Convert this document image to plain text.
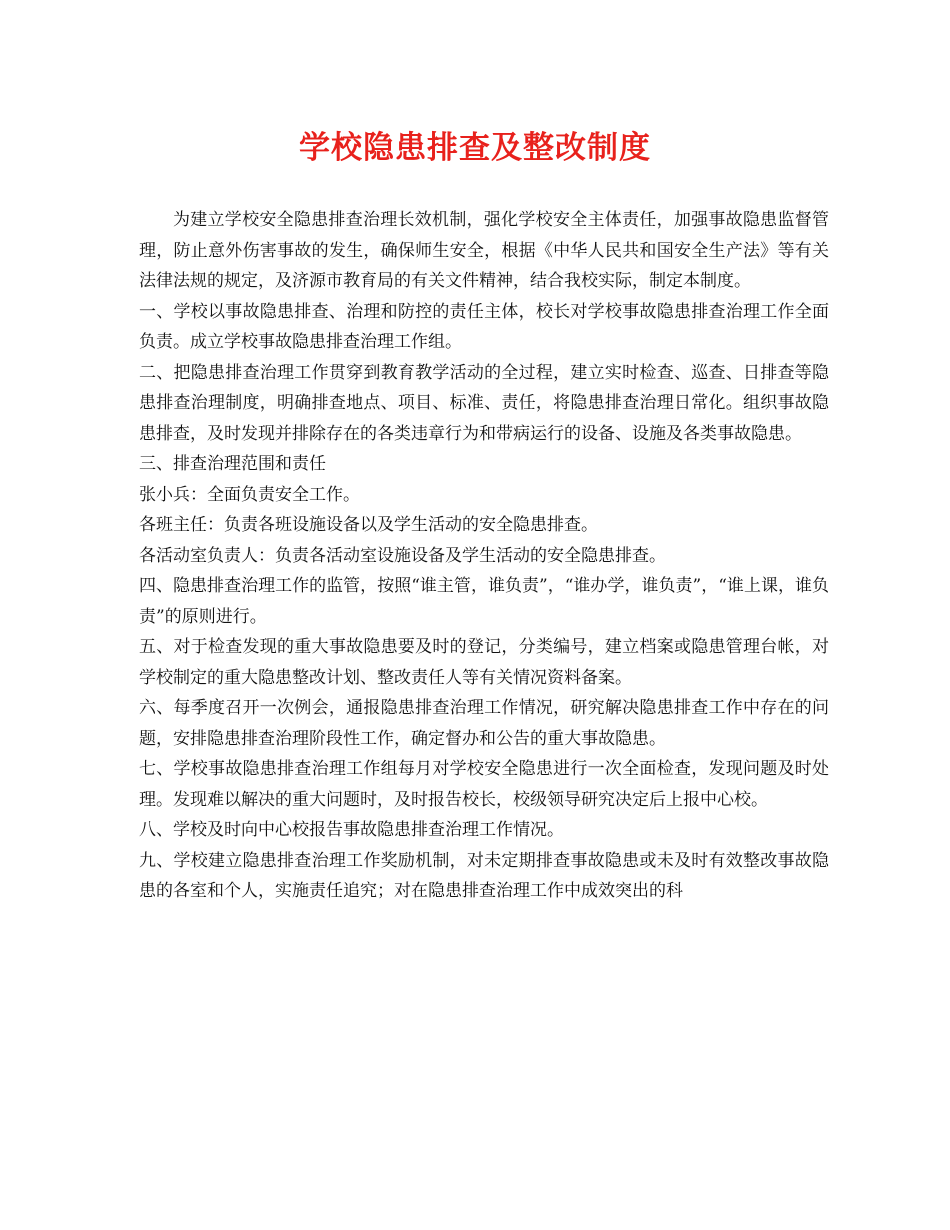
学校隐患排查及整改制度

为建立学校安全隐患排查治理长效机制，强化学校安全主体责任，加强事故隐患监督管理，防止意外伤害事故的发生，确保师生安全，根据《中华人民共和国安全生产法》等有关法律法规的规定，及济源市教育局的有关文件精神，结合我校实际，制定本制度。

一、学校以事故隐患排查、治理和防控的责任主体，校长对学校事故隐患排查治理工作全面负责。成立学校事故隐患排查治理工作组。

二、把隐患排查治理工作贯穿到教育教学活动的全过程，建立实时检查、巡查、日排查等隐患排查治理制度，明确排查地点、项目、标准、责任，将隐患排查治理日常化。组织事故隐患排查，及时发现并排除存在的各类违章行为和带病运行的设备、设施及各类事故隐患。

三、排查治理范围和责任

张小兵：全面负责安全工作。

各班主任：负责各班设施设备以及学生活动的安全隐患排查。

各活动室负责人：负责各活动室设施设备及学生活动的安全隐患排查。

四、隐患排查治理工作的监管，按照“谁主管，谁负责”，“谁办学，谁负责”，“谁上课，谁负责”的原则进行。

五、对于检查发现的重大事故隐患要及时的登记，分类编号，建立档案或隐患管理台帐，对学校制定的重大隐患整改计划、整改责任人等有关情况资料备案。

六、每季度召开一次例会，通报隐患排查治理工作情况，研究解决隐患排查工作中存在的问题，安排隐患排查治理阶段性工作，确定督办和公告的重大事故隐患。

七、学校事故隐患排查治理工作组每月对学校安全隐患进行一次全面检查，发现问题及时处理。发现难以解决的重大问题时，及时报告校长，校级领导研究决定后上报中心校。

八、学校及时向中心校报告事故隐患排查治理工作情况。

九、学校建立隐患排查治理工作奖励机制，对未定期排查事故隐患或未及时有效整改事故隐患的各室和个人，实施责任追究；对在隐患排查治理工作中成效突出的科
